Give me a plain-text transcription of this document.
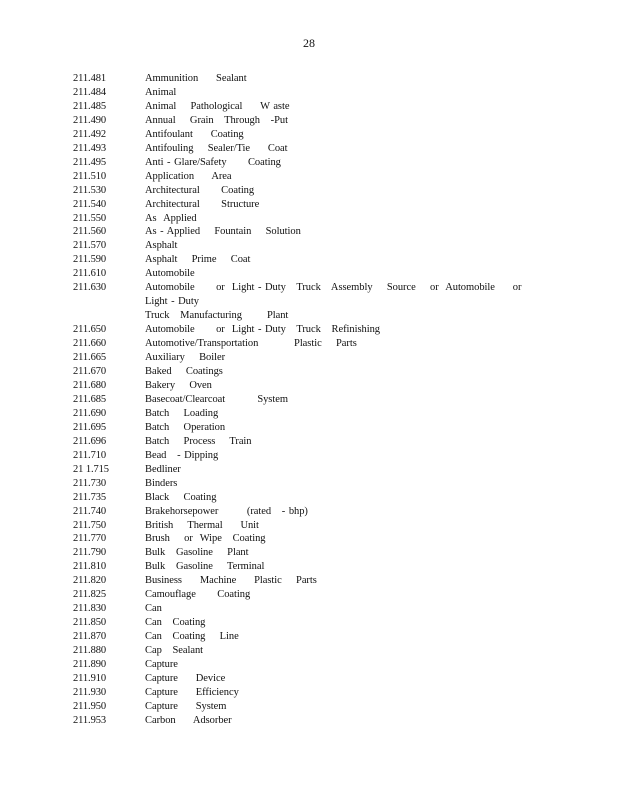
28
211.481	Ammunition     Sealant
211.484	Animal
211.485	Animal    Pathological     W aste
211.490	Annual    Grain   Through   -Put
211.492	Antifoulant     Coating
211.493	Antifouling    Sealer/Tie     Coat
211.495	Anti - Glare/Safety      Coating
211.510	Application     Area
211.530	Architectural      Coating
211.540	Architectural      Structure
211.550	As  Applied
211.560	As - Applied    Fountain    Solution
211.570	Asphalt
211.590	Asphalt    Prime    Coat
211.610	Automobile
211.630	Automobile      or  Light - Duty   Truck   Assembly    Source    or  Automobile     or  Light - Duty
Truck   Manufacturing       Plant
211.650	Automobile      or  Light - Duty   Truck   Refinishing
211.660	Automotive/Transportation          Plastic    Parts
211.665	Auxiliary    Boiler
211.670	Baked    Coatings
211.680	Bakery    Oven
211.685	Basecoat/Clearcoat         System
211.690	Batch    Loading
211.695	Batch    Operation
211.696	Batch    Process    Train
211.710	Bead   - Dipping
21 1.715	Bedliner
211.730	Binders
211.735	Black    Coating
211.740	Brakehorsepower        (rated   - bhp)
211.750	British    Thermal     Unit
211.770	Brush    or  Wipe   Coating
211.790	Bulk   Gasoline    Plant
211.810	Bulk   Gasoline    Terminal
211.820	Business     Machine     Plastic    Parts
211.825	Camouflage      Coating
211.830	Can
211.850	Can   Coating
211.870	Can   Coating    Line
211.880	Cap   Sealant
211.890	Capture
211.910	Capture     Device
211.930	Capture     Efficiency
211.950	Capture     System
211.953	Carbon     Adsorber
